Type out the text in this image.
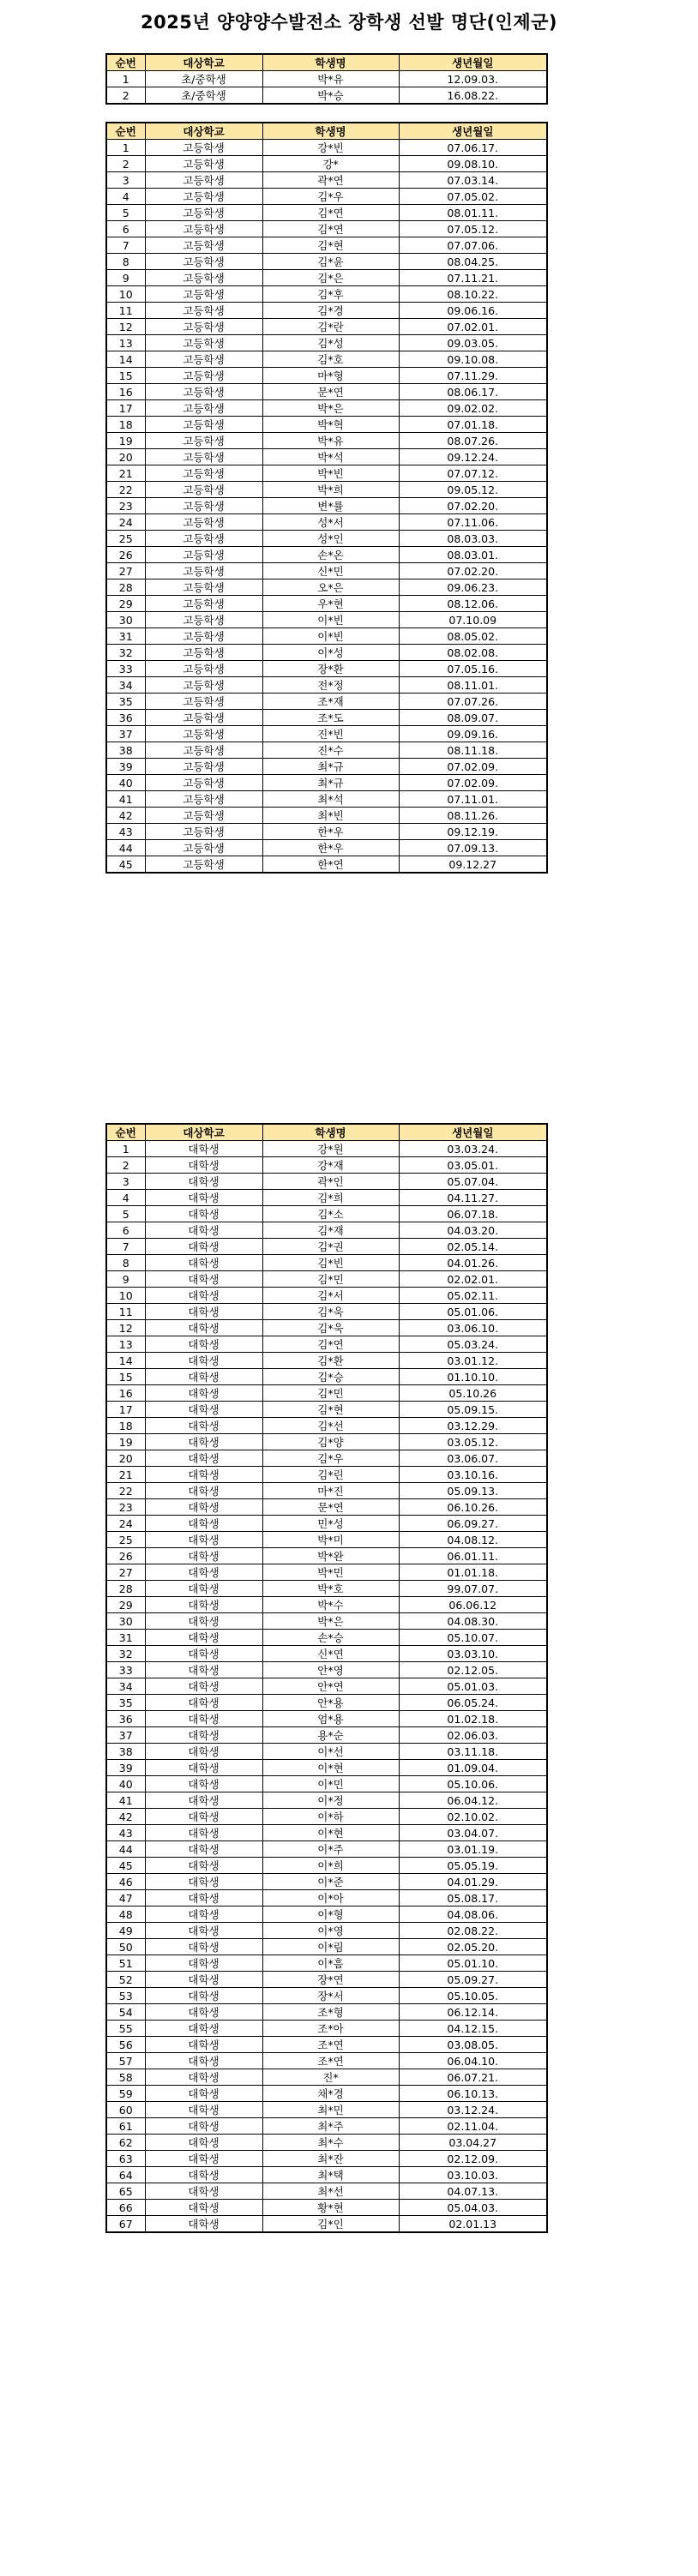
2025년 양양양수발전소 장학생 선발 명단(인제군)
순번	대상학교	학생명	생년월일
1	초/중학생	박*유	12.09.03.
2	초/중학생	박*승	16.08.22.
순번	대상학교	학생명	생년월일
1	고등학생	강*빈	07.06.17.
2	고등학생	강*	09.08.10.
3	고등학생	곽*연	07.03.14.
4	고등학생	김*우	07.05.02.
5	고등학생	김*연	08.01.11.
6	고등학생	김*연	07.05.12.
7	고등학생	김*현	07.07.06.
8	고등학생	김*윤	08.04.25.
9	고등학생	김*은	07.11.21.
10	고등학생	김*후	08.10.22.
11	고등학생	김*경	09.06.16.
12	고등학생	김*란	07.02.01.
13	고등학생	김*성	09.03.05.
14	고등학생	김*호	09.10.08.
15	고등학생	마*형	07.11.29.
16	고등학생	문*연	08.06.17.
17	고등학생	박*은	09.02.02.
18	고등학생	박*혁	07.01.18.
19	고등학생	박*유	08.07.26.
20	고등학생	박*석	09.12.24.
21	고등학생	박*빈	07.07.12.
22	고등학생	박*희	09.05.12.
23	고등학생	변*률	07.02.20.
24	고등학생	성*서	07.11.06.
25	고등학생	성*인	08.03.03.
26	고등학생	손*온	08.03.01.
27	고등학생	신*민	07.02.20.
28	고등학생	오*은	09.06.23.
29	고등학생	우*현	08.12.06.
30	고등학생	이*빈	07.10.09
31	고등학생	이*빈	08.05.02.
32	고등학생	이*성	08.02.08.
33	고등학생	장*환	07.05.16.
34	고등학생	전*정	08.11.01.
35	고등학생	조*재	07.07.26.
36	고등학생	조*도	08.09.07.
37	고등학생	진*빈	09.09.16.
38	고등학생	진*수	08.11.18.
39	고등학생	최*규	07.02.09.
40	고등학생	최*규	07.02.09.
41	고등학생	최*석	07.11.01.
42	고등학생	최*빈	08.11.26.
43	고등학생	한*우	09.12.19.
44	고등학생	한*우	07.09.13.
45	고등학생	한*연	09.12.27
순번	대상학교	학생명	생년월일
1	대학생	강*원	03.03.24.
2	대학생	강*재	03.05.01.
3	대학생	곽*인	05.07.04.
4	대학생	김*희	04.11.27.
5	대학생	김*소	06.07.18.
6	대학생	김*재	04.03.20.
7	대학생	김*권	02.05.14.
8	대학생	김*빈	04.01.26.
9	대학생	김*민	02.02.01.
10	대학생	김*서	05.02.11.
11	대학생	김*욱	05.01.06.
12	대학생	김*욱	03.06.10.
13	대학생	김*연	05.03.24.
14	대학생	김*환	03.01.12.
15	대학생	김*승	01.10.10.
16	대학생	김*민	05.10.26
17	대학생	김*현	05.09.15.
18	대학생	김*선	03.12.29.
19	대학생	김*양	03.05.12.
20	대학생	김*우	03.06.07.
21	대학생	김*린	03.10.16.
22	대학생	마*진	05.09.13.
23	대학생	문*연	06.10.26.
24	대학생	민*성	06.09.27.
25	대학생	박*미	04.08.12.
26	대학생	박*완	06.01.11.
27	대학생	박*민	01.01.18.
28	대학생	박*호	99.07.07.
29	대학생	박*수	06.06.12
30	대학생	박*은	04.08.30.
31	대학생	손*승	05.10.07.
32	대학생	신*연	03.03.10.
33	대학생	안*영	02.12.05.
34	대학생	안*연	05.01.03.
35	대학생	안*용	06.05.24.
36	대학생	엄*용	01.02.18.
37	대학생	용*순	02.06.03.
38	대학생	이*선	03.11.18.
39	대학생	이*현	01.09.04.
40	대학생	이*민	05.10.06.
41	대학생	이*정	06.04.12.
42	대학생	이*하	02.10.02.
43	대학생	이*현	03.04.07.
44	대학생	이*주	03.01.19.
45	대학생	이*희	05.05.19.
46	대학생	이*준	04.01.29.
47	대학생	이*아	05.08.17.
48	대학생	이*형	04.08.06.
49	대학생	이*영	02.08.22.
50	대학생	이*림	02.05.20.
51	대학생	이*흠	05.01.10.
52	대학생	장*연	05.09.27.
53	대학생	장*서	05.10.05.
54	대학생	조*형	06.12.14.
55	대학생	조*아	04.12.15.
56	대학생	조*연	03.08.05.
57	대학생	조*연	06.04.10.
58	대학생	진*	06.07.21.
59	대학생	채*경	06.10.13.
60	대학생	최*민	03.12.24.
61	대학생	최*주	02.11.04.
62	대학생	최*수	03.04.27
63	대학생	최*잔	02.12.09.
64	대학생	최*택	03.10.03.
65	대학생	최*선	04.07.13.
66	대학생	황*현	05.04.03.
67	대학생	김*인	02.01.13
